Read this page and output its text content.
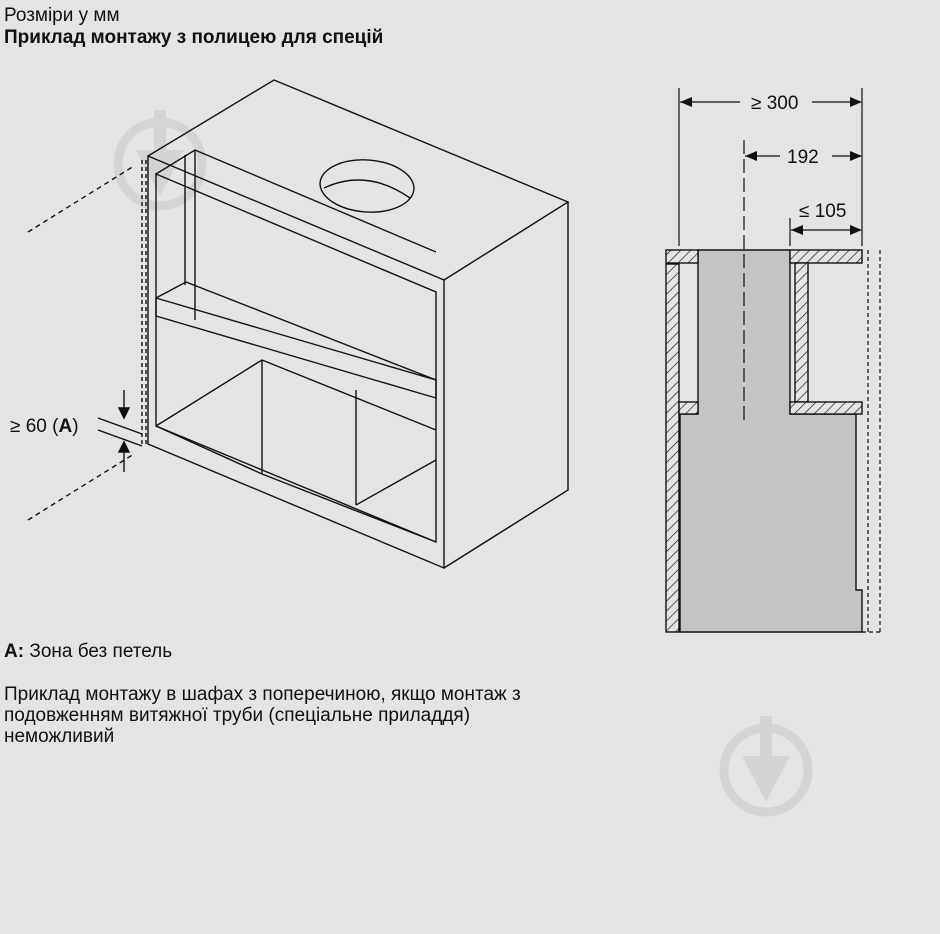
Розміри у мм
Приклад монтажу з полицею для спецій
≥ 60 (A)
≥ 300
192
≤ 105
A: Зона без петель
Приклад монтажу в шафах з поперечиною, якщо монтаж з подовженням витяжної труби (спеціальне приладдя) неможливий
